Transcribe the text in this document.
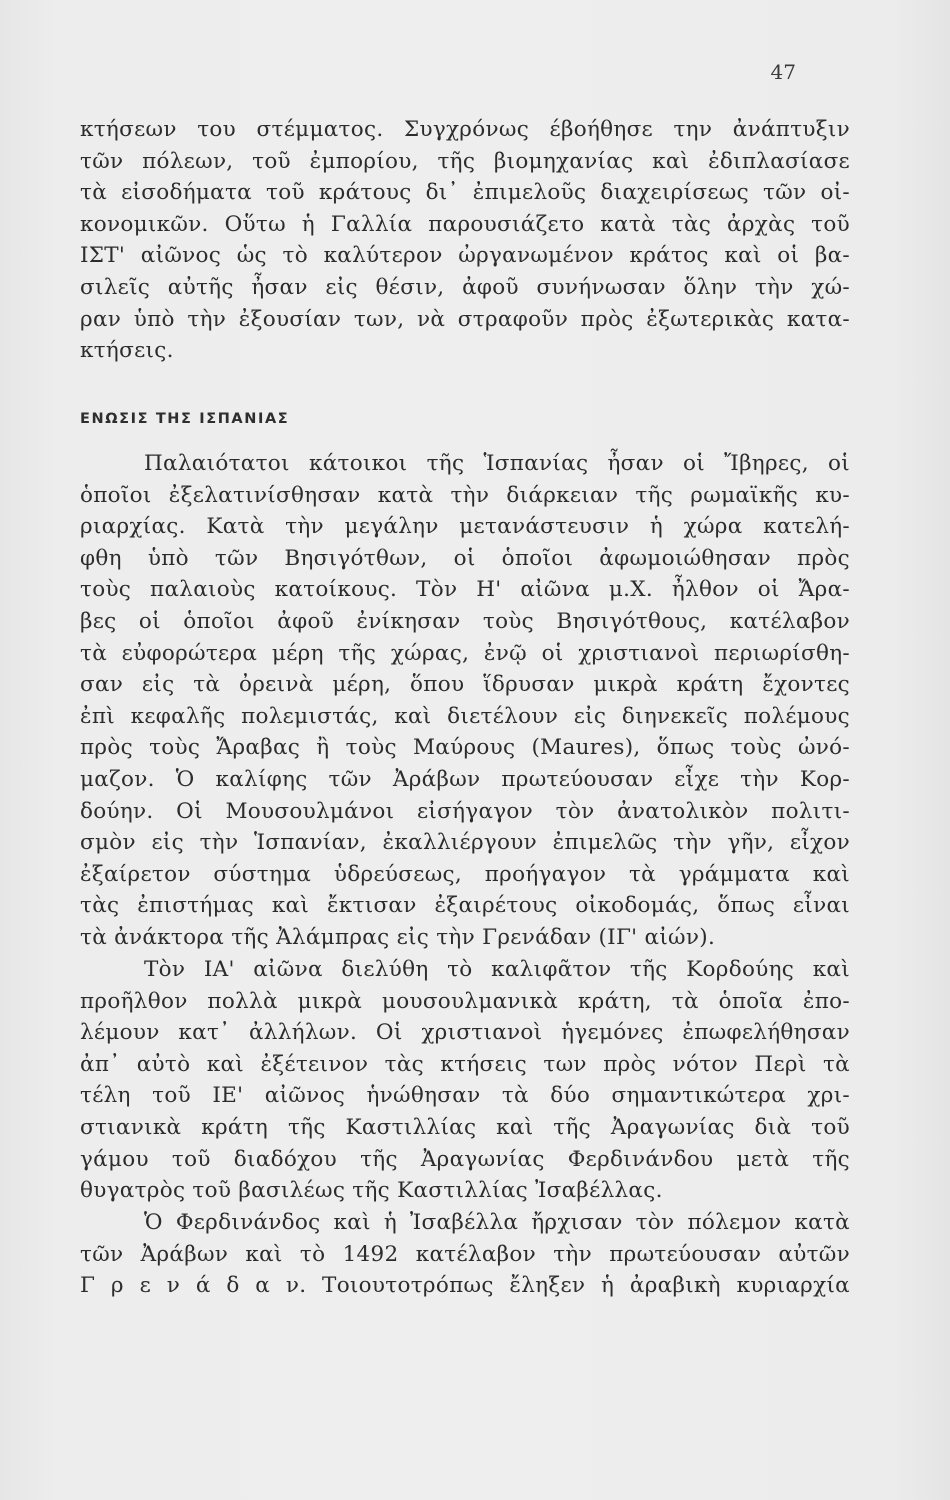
47
κτήσεων του στέμματος. Συγχρόνως έβοήθησε την ἀνάπτυξιν
τῶν πόλεων, τοῦ ἐμπορίου, τῆς βιομηχανίας καὶ ἐδιπλασίασε
τὰ εἰσοδήματα τοῦ κράτους δι᾽ ἐπιμελοῦς διαχειρίσεως τῶν οἰ-
κονομικῶν. Οὕτω ἡ Γαλλία παρουσιάζετο κατὰ τὰς ἀρχὰς τοῦ
ΙΣΤ' αἰῶνος ὡς τὸ καλύτερον ὠργανωμένον κράτος καὶ οἱ βα-
σιλεῖς αὐτῆς ἦσαν εἰς θέσιν, ἀφοῦ συνήνωσαν ὅλην τὴν χώ-
ραν ὑπὸ τὴν ἐξουσίαν των, νὰ στραφοῦν πρὸς ἐξωτερικὰς κατα-
κτήσεις.
ΕΝΩΣΙΣ ΤΗΣ ΙΣΠΑΝΙΑΣ
Παλαιότατοι κάτοικοι τῆς Ἱσπανίας ἦσαν οἱ Ἴβηρες, οἱ
ὁποῖοι ἐξελατινίσθησαν κατὰ τὴν διάρκειαν τῆς ρωμαϊκῆς κυ-
ριαρχίας. Κατὰ τὴν μεγάλην μετανάστευσιν ἡ χώρα κατελή-
φθη ὑπὸ τῶν Βησιγότθων, οἱ ὁποῖοι ἀφωμοιώθησαν πρὸς
τοὺς παλαιοὺς κατοίκους. Τὸν Η' αἰῶνα μ.Χ. ἦλθον οἱ Ἄρα-
βες οἱ ὁποῖοι ἀφοῦ ἐνίκησαν τοὺς Βησιγότθους, κατέλαβον
τὰ εὐφορώτερα μέρη τῆς χώρας, ἐνῷ οἱ χριστιανοὶ περιωρίσθη-
σαν εἰς τὰ ὀρεινὰ μέρη, ὅπου ἵδρυσαν μικρὰ κράτη ἔχοντες
ἐπὶ κεφαλῆς πολεμιστάς, καὶ διετέλουν εἰς διηνεκεῖς πολέμους
πρὸς τοὺς Ἄραβας ἢ τοὺς Μαύρους (Maures), ὅπως τοὺς ὠνό-
μαζον. Ὁ καλίφης τῶν Ἀράβων πρωτεύουσαν εἶχε τὴν Κορ-
δούην. Οἱ Μουσουλμάνοι εἰσήγαγον τὸν ἀνατολικὸν πολιτι-
σμὸν εἰς τὴν Ἱσπανίαν, ἐκαλλιέργουν ἐπιμελῶς τὴν γῆν, εἶχον
ἐξαίρετον σύστημα ὑδρεύσεως, προήγαγον τὰ γράμματα καὶ
τὰς ἐπιστήμας καὶ ἔκτισαν ἐξαιρέτους οἰκοδομάς, ὅπως εἶναι
τὰ ἀνάκτορα τῆς Ἀλάμπρας εἰς τὴν Γρενάδαν (ΙΓ' αἰών).
Τὸν ΙΑ' αἰῶνα διελύθη τὸ καλιφᾶτον τῆς Κορδούης καὶ
προῆλθον πολλὰ μικρὰ μουσουλμανικὰ κράτη, τὰ ὁποῖα ἐπο-
λέμουν κατ᾽ ἀλλήλων. Οἱ χριστιανοὶ ἡγεμόνες ἐπωφελήθησαν
ἀπ᾽ αὐτὸ καὶ ἐξέτεινον τὰς κτήσεις των πρὸς νότον Περὶ τὰ
τέλη τοῦ ΙΕ' αἰῶνος ἡνώθησαν τὰ δύο σημαντικώτερα χρι-
στιανικὰ κράτη τῆς Καστιλλίας καὶ τῆς Ἀραγωνίας διὰ τοῦ
γάμου τοῦ διαδόχου τῆς Ἀραγωνίας Φερδινάνδου μετὰ τῆς
θυγατρὸς τοῦ βασιλέως τῆς Καστιλλίας Ἰσαβέλλας.
Ὁ Φερδινάνδος καὶ ἡ Ἰσαβέλλα ἤρχισαν τὸν πόλεμον κατὰ
τῶν Ἀράβων καὶ τὸ 1492 κατέλαβον τὴν πρωτεύουσαν αὐτῶν
Γ ρ ε ν ά δ α ν. Τοιουτοτρόπως ἔληξεν ἡ ἀραβικὴ κυριαρχία
